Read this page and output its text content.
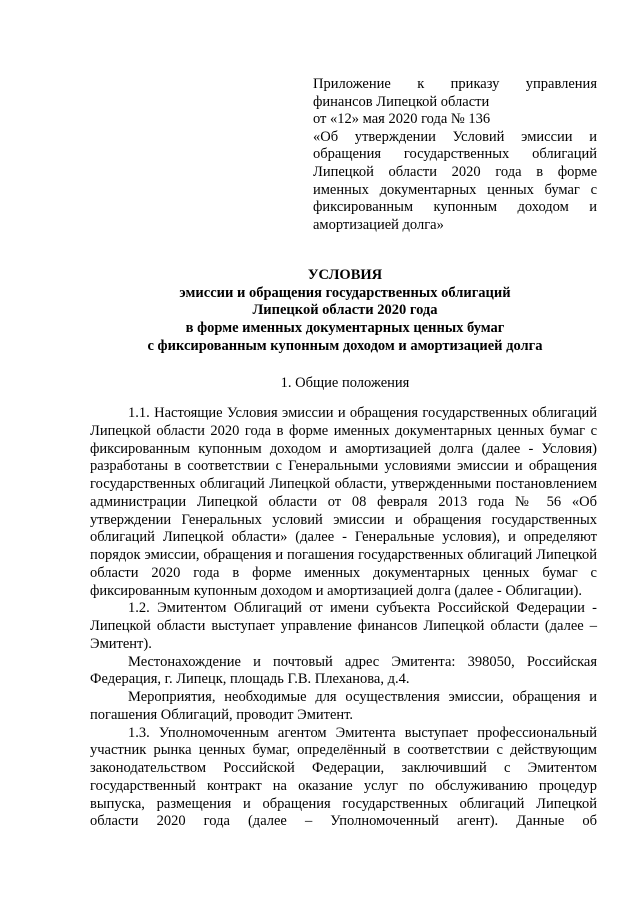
Приложение к приказу управления
финансов Липецкой области
от «12» мая 2020 года № 136
«Об утверждении Условий эмиссии и обращения государственных облигаций Липецкой области 2020 года в форме именных документарных ценных бумаг с фиксированным купонным доходом и амортизацией долга»
УСЛОВИЯ
эмиссии и обращения государственных облигаций
Липецкой области 2020 года
в форме именных документарных ценных бумаг
с фиксированным купонным доходом и амортизацией долга
1. Общие положения

1.1. Настоящие Условия эмиссии и обращения государственных облигаций Липецкой области 2020 года в форме именных документарных ценных бумаг с фиксированным купонным доходом и амортизацией долга (далее - Условия) разработаны в соответствии с Генеральными условиями эмиссии и обращения государственных облигаций Липецкой области, утвержденными постановлением администрации Липецкой области от 08 февраля 2013 года № 56 «Об утверждении Генеральных условий эмиссии и обращения государственных облигаций Липецкой области» (далее - Генеральные условия), и определяют порядок эмиссии, обращения и погашения государственных облигаций Липецкой области 2020 года в форме именных документарных ценных бумаг с фиксированным купонным доходом и амортизацией долга (далее - Облигации).

1.2. Эмитентом Облигаций от имени субъекта Российской Федерации - Липецкой области выступает управление финансов Липецкой области (далее – Эмитент).

Местонахождение и почтовый адрес Эмитента: 398050, Российская Федерация, г. Липецк, площадь Г.В. Плеханова, д.4.

Мероприятия, необходимые для осуществления эмиссии, обращения и погашения Облигаций, проводит Эмитент.

1.3. Уполномоченным агентом Эмитента выступает профессиональный участник рынка ценных бумаг, определённый в соответствии с действующим законодательством Российской Федерации, заключивший с Эмитентом государственный контракт на оказание услуг по обслуживанию процедур выпуска, размещения и обращения государственных облигаций Липецкой области 2020 года (далее – Уполномоченный агент). Данные об
